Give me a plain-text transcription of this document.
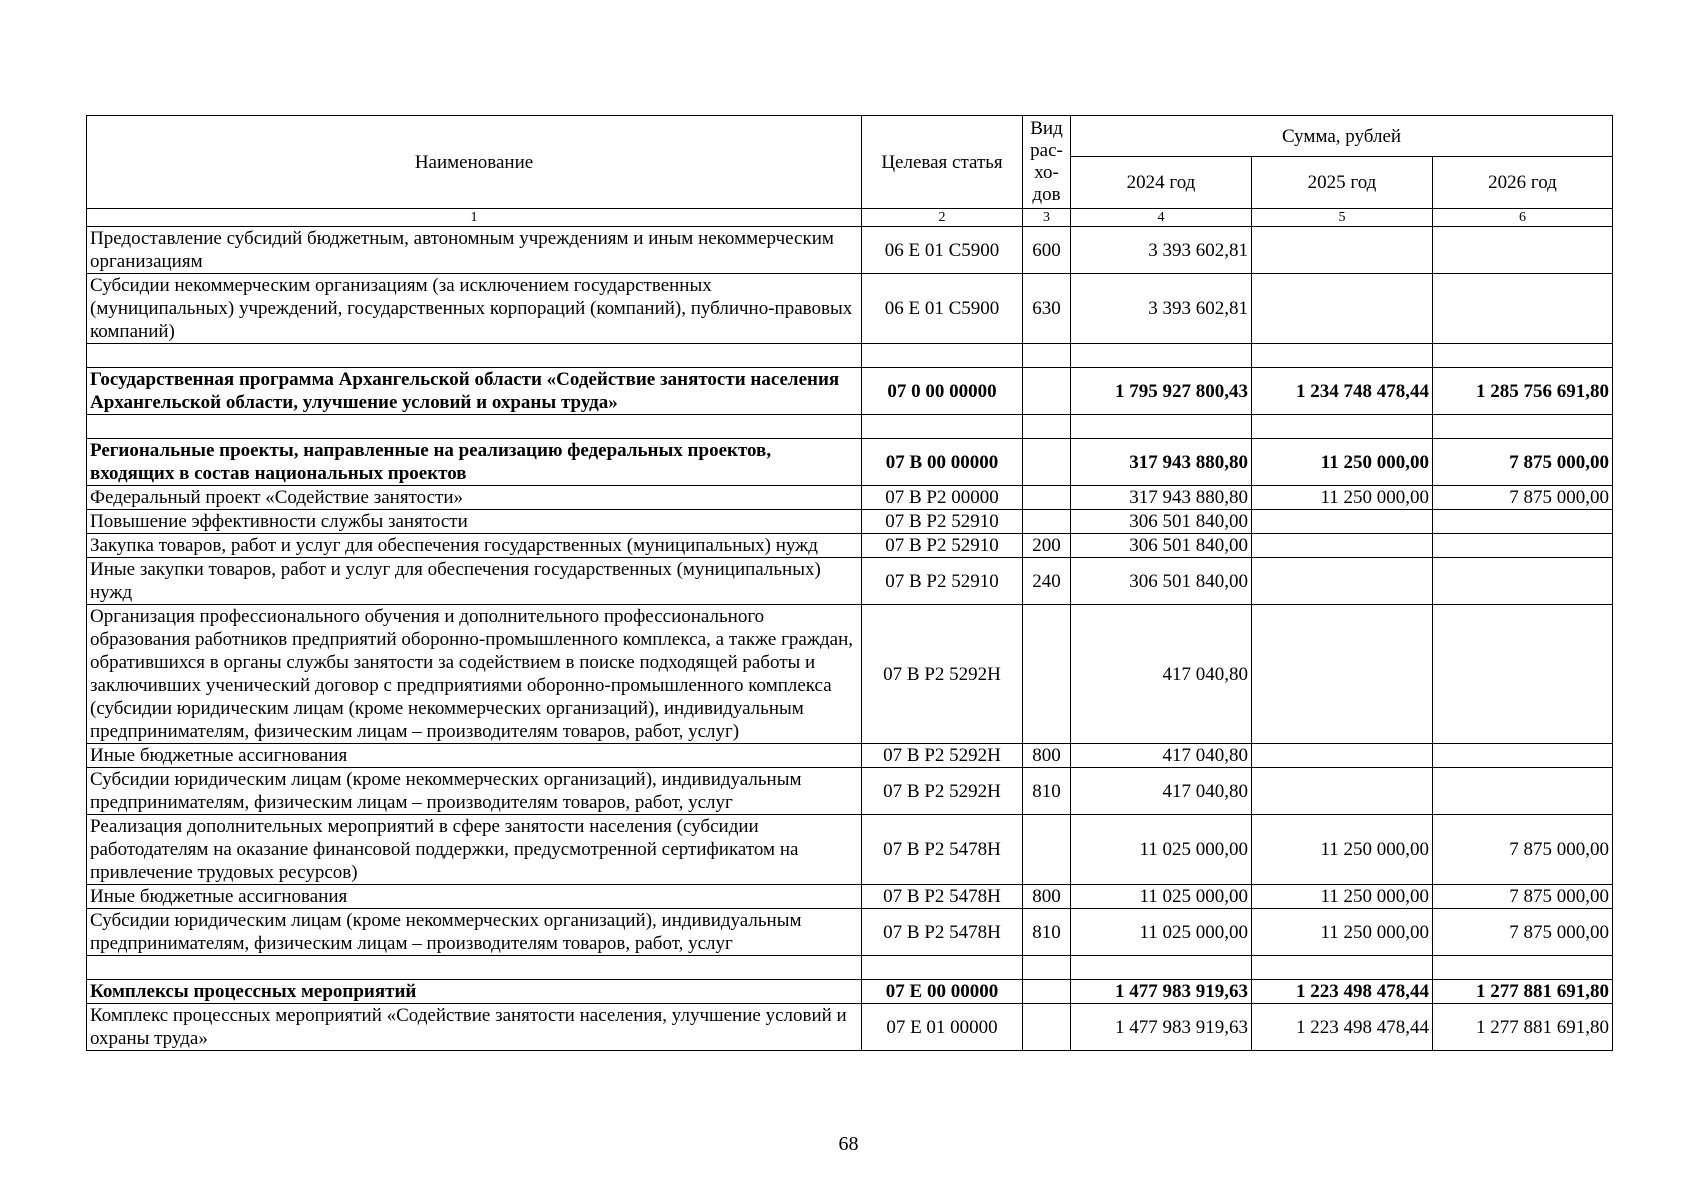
Наименование	Целевая статья	Вид
рас-
хо-
дов	Сумма, рублей		
			2024 год	2025 год	2026 год
1	2	3	4	5	6
Предоставление субсидий бюджетным, автономным учреждениям и иным некоммерческим организациям	06 Е 01 С5900	600	3 393 602,81		
Субсидии некоммерческим организациям (за исключением государственных (муниципальных) учреждений, государственных корпораций (компаний), публично-правовых компаний)	06 Е 01 С5900	630	3 393 602,81		

Государственная программа Архангельской области «Содействие занятости населения Архангельской области, улучшение условий и охраны труда»	07 0 00 00000		1 795 927 800,43	1 234 748 478,44	1 285 756 691,80

Региональные проекты, направленные на реализацию федеральных проектов, входящих в состав национальных проектов	07 В 00 00000		317 943 880,80	11 250 000,00	7 875 000,00
Федеральный проект «Содействие занятости»	07 В Р2 00000		317 943 880,80	11 250 000,00	7 875 000,00
Повышение эффективности службы занятости	07 В Р2 52910		306 501 840,00		
Закупка товаров, работ и услуг для обеспечения государственных (муниципальных) нужд	07 В Р2 52910	200	306 501 840,00		
Иные закупки товаров, работ и услуг для обеспечения государственных (муниципальных) нужд	07 В Р2 52910	240	306 501 840,00		
Организация профессионального обучения и дополнительного профессионального образования работников предприятий оборонно-промышленного комплекса, а также граждан, обратившихся в органы службы занятости за содействием в поиске подходящей работы и заключивших ученический договор с предприятиями оборонно-промышленного комплекса (субсидии юридическим лицам (кроме некоммерческих организаций), индивидуальным предпринимателям, физическим лицам – производителям товаров, работ, услуг)	07 В Р2 5292Н		417 040,80		
Иные бюджетные ассигнования	07 В Р2 5292Н	800	417 040,80		
Субсидии юридическим лицам (кроме некоммерческих организаций), индивидуальным предпринимателям, физическим лицам – производителям товаров, работ, услуг	07 В Р2 5292Н	810	417 040,80		
Реализация дополнительных мероприятий в сфере занятости населения (субсидии работодателям на оказание финансовой поддержки, предусмотренной сертификатом на привлечение трудовых ресурсов)	07 В Р2 5478Н		11 025 000,00	11 250 000,00	7 875 000,00
Иные бюджетные ассигнования	07 В Р2 5478Н	800	11 025 000,00	11 250 000,00	7 875 000,00
Субсидии юридическим лицам (кроме некоммерческих организаций), индивидуальным предпринимателям, физическим лицам – производителям товаров, работ, услуг	07 В Р2 5478Н	810	11 025 000,00	11 250 000,00	7 875 000,00

Комплексы процессных мероприятий	07 Е 00 00000		1 477 983 919,63	1 223 498 478,44	1 277 881 691,80
Комплекс процессных мероприятий «Содействие занятости населения, улучшение условий и охраны труда»	07 Е 01 00000		1 477 983 919,63	1 223 498 478,44	1 277 881 691,80
68
